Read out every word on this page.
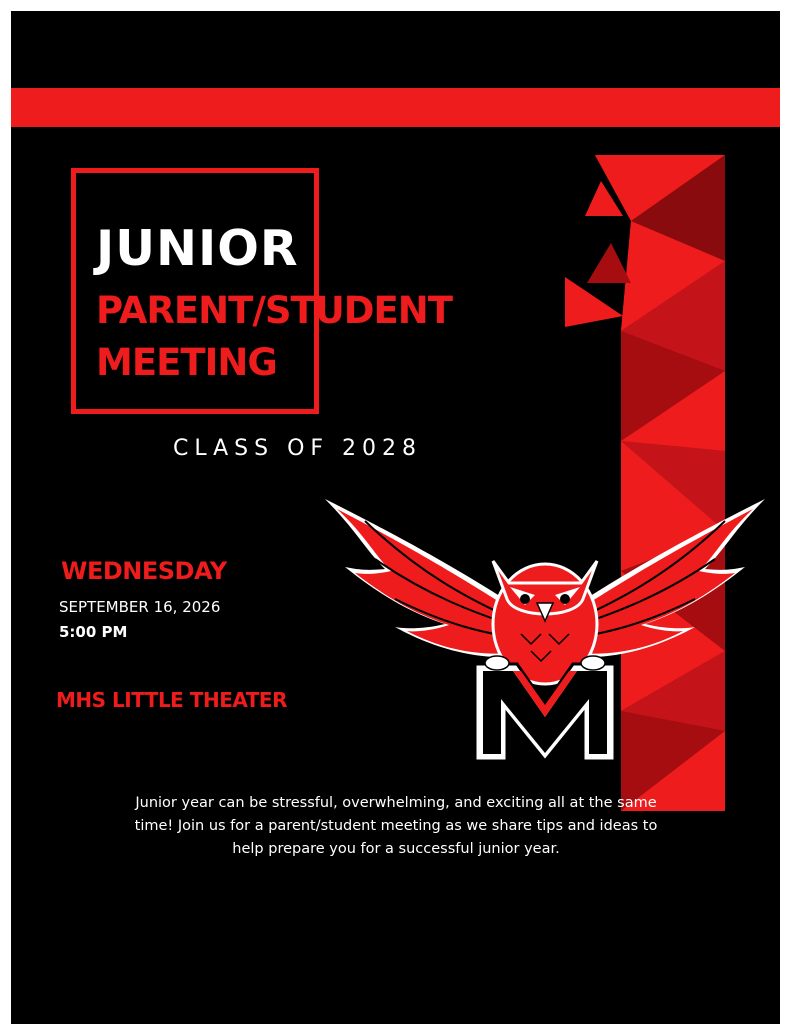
JUNIOR
PARENT/STUDENT
MEETING

CLASS OF 2028

WEDNESDAY

SEPTEMBER 16, 2026

5:00 PM

MHS LITTLE THEATER

Junior year can be stressful, overwhelming, and exciting all at the same time! Join us for a parent/student meeting as we share tips and ideas to help prepare you for a successful junior year.
